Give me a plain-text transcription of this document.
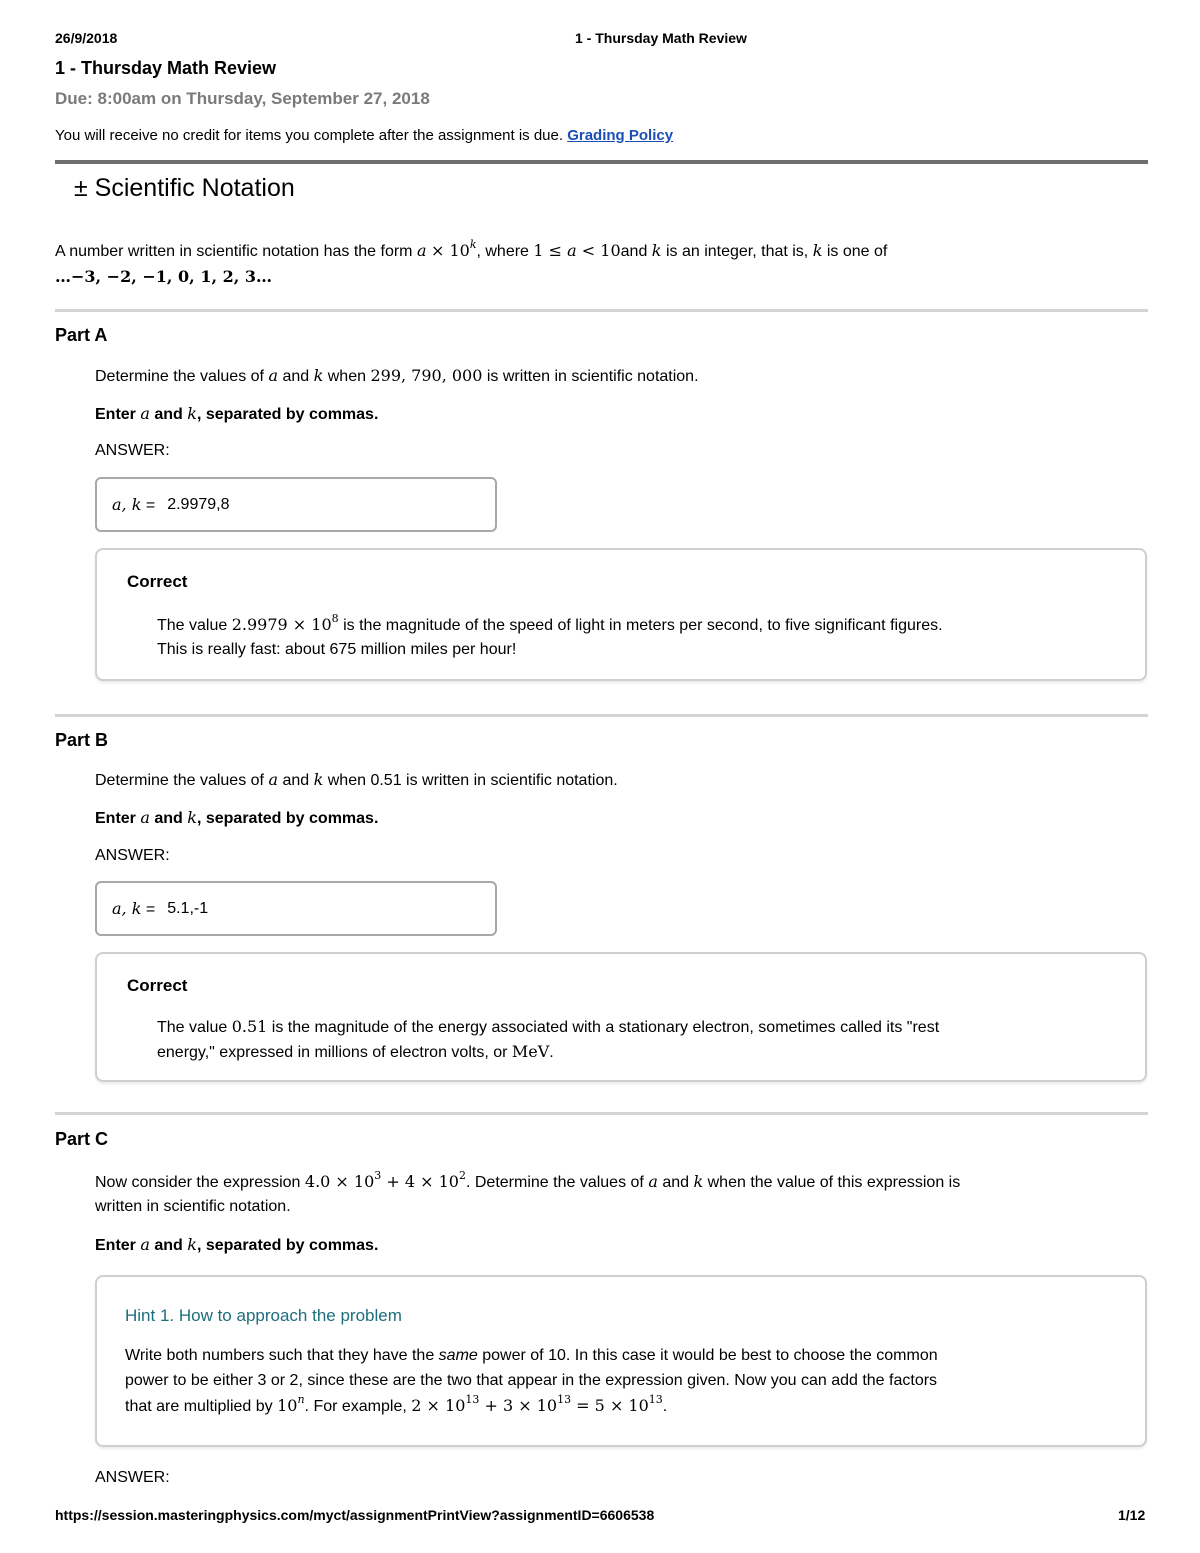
26/9/2018	1 - Thursday Math Review
1 - Thursday Math Review
Due: 8:00am on Thursday, September 27, 2018
You will receive no credit for items you complete after the assignment is due. Grading Policy
± Scientific Notation
A number written in scientific notation has the form $a \times 10^k$, where 1 ≤ a < 10and k is an integer, that is, k is one of
…−3, −2, −1, 0, 1, 2, 3…
Part A
Determine the values of a and k when 299, 790, 000 is written in scientific notation.
Enter a and k, separated by commas.
ANSWER:
a, k = 2.9979,8
Correct
The value $2.9979 \times 10^8$ is the magnitude of the speed of light in meters per second, to five significant figures.
This is really fast: about 675 million miles per hour!
Part B
Determine the values of a and k when 0.51 is written in scientific notation.
Enter a and k, separated by commas.
ANSWER:
a, k = 5.1,-1
Correct
The value 0.51 is the magnitude of the energy associated with a stationary electron, sometimes called its "rest
energy," expressed in millions of electron volts, or MeV.
Part C
Now consider the expression $4.0 \times 10^3 + 4 \times 10^2$. Determine the values of a and k when the value of this expression is
written in scientific notation.
Enter a and k, separated by commas.
Hint 1. How to approach the problem
Write both numbers such that they have the same power of 10. In this case it would be best to choose the common
power to be either 3 or 2, since these are the two that appear in the expression given. Now you can add the factors
that are multiplied by 10$^n$. For example, $2 \times 10^{13} + 3 \times 10^{13} = 5 \times 10^{13}$.
ANSWER:
https://session.masteringphysics.com/myct/assignmentPrintView?assignmentID=6606538	1/12
